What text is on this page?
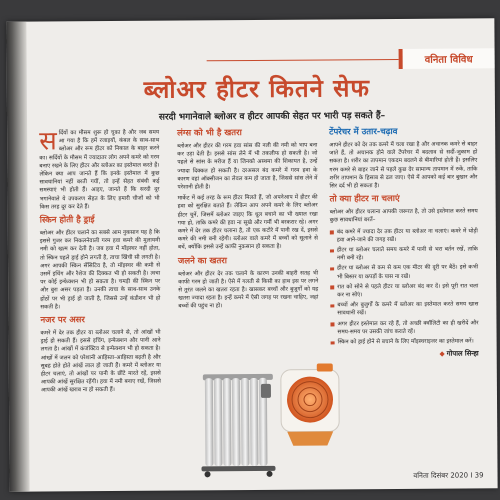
वनिता विविध
ब्लोअर हीटर कितने सेफ
सरदी भगानेवाले ब्लोअर व हीटर आपकी सेहत पर भारी पड़ सकते हैं–

सर्दियों का मौसम शुरू हो चुका है और जब समय आ गया है कि हमें रजाइयों, कंबल के साथ-साथ ब्लोअर और रूम हीटर को निकाल के बाहर करने का। सर्दियों के मौसम में ज्यादातर लोग अपने कमरे को गरम बनाए रखने के लिए हीटर और ब्लोअर का इस्तेमाल करते हैं। लेकिन क्या आप जानते हैं कि इनके इस्तेमाल में कुछ सावधानियां नहीं बरती गयीं, तो इन्हें सेहत संबंधी कई समस्याएं भी होती हैं। आइए, जानते हैं कि सरदी दूर भगानेवाले ये उपकरण सेहत के लिए हमारी चीजों को भी किस तरह दूर कर देते हैं।

स्किन होती है ड्राई

ब्लोअर और हीटर चलाने का सबसे आम नुकसान यह है कि इससे गुजर कर निकलनेवाली गरम हवा कमरे की मुलायमी नमी को खत्म कर देती है। जब हवा में मॉइस्चर नहीं होता, तो स्किन पहले ड्राई होने लगती है, त्वचा खिंची सी लगती है। अगर आपकी स्किन सेंसिटिव है, तो मॉइस्चर की कमी से उसमें इचिंग और रैशेज की दिक्कत भी हो सकती है। त्वचा पर कोई इन्फेक्शन भी हो सकता है। चमड़ी की स्किन पर और बुरा असर पड़ता है। उनकी त्वचा के साथ-साथ उनके होंठों पर भी ड्राई हो जाती है, जिससे उन्हें कंडीशन भी हो सकती है।

नजर पर असर

कमरे में देर तक हीटर या ब्लोअर चलाने से, तो आंखों भी ड्राई हो सकती हैं। इससे इचिंग, इन्फेक्शन और पानी आने लगता है। आंखों में कंजंक्टिव से इन्फेक्शन भी हो सकता है। आंखों में जलन को परेशानी आहिस्ता-आहिस्ता बढ़ती है और सुबह होते होते आंखें लाल हो जाती हैं। कमरे में ब्लोअर या हीटर चलाएं, तो आंखों पर पानी के छींटे मारते रहें, इससे आपकी आंखें सुरक्षित रहेंगी। हवा में नमी बनाए रखें, जिससे आपकी आंखें खराब ना हो सकती हैं।

लंग्स को भी है खतरा

ब्लोअर और हीटर की गरम हवा सांस की नली की नमी को भाप बना कर उड़ा देती है। इससे सांस लेने में भी तकलीफ हो सकती है। जो पहले से सांस के मरीज हैं या जिनको अस्थमा की शिकायत है, उन्हें ज्यादा दिक्कत हो सकती है। दरअसल बंद कमरे में गरम हवा के कारण वहां ऑक्सीजन का लेवल कम हो जाता है, जिससे सांस लेने में परेशानी होती है।

मार्केट में कई तरह के रूम हीटर मिलते हैं, जो अपनेआप में हीटर की हवा को सुरक्षित बताते हैं। लेकिन आप अपने कमरे के लिए ब्लोअर हीटर चुनें, जिसमें ब्लोअर जाइए कि धूल बचाने का भी ख्याल रखा गया हो, ताकि कमरे की हवा ना सूखे और गर्मी भी बरकरार रहे। अगर कमरे में देर तक हीटर चलाना है, तो एक कटोरे में पानी रख दें, इससे कमरे की नमी बनी रहेगी। ब्लोअर वाले कमरे में बच्चों को सुलाने से बचें, क्योंकि इससे उन्हें काफी नुकसान हो सकता है।

जलने का खतरा

ब्लोअर और हीटर देर तक चलाने के कारण उनकी बाहरी सतह भी काफी गरम हो जाती है। ऐसे में गलती से किसी का हाथ इस पर लगने से तुरंत जलने का खतरा रहता है। खासकर बच्चों और बुजुर्गों को यह खतरा ज्यादा रहता है। इन्हें कमरे में ऐसी जगह पर रखना चाहिए, जहां बच्चों की पहुंच ना हो।

टेंपरेचर में उतार-चढ़ाव

आपने हीटर को देर तक कमरे में चला रखा है और अचानक कमरे से बाहर जाते हैं, तो अचानक होने वाले टेंपरेचर में बदलाव से सर्दी-जुकाम हो सकता है। शरीर का तापमान एकदम बदलने से बीमारियां होती हैं। इसलिए गरम कमरे से बाहर जाने से पहले कुछ देर सामान्य तापमान में रुकें, ताकि शरीर तापमान के हिसाब से ढल जाए। ऐसे में आपको कई बार बुखार और सिर दर्द भी हो सकता है।

तो क्या हीटर ना चलाएं

ब्लोअर और हीटर चलाना आपकी जरूरत है, तो उसे इस्तेमाल करते समय कुछ सावधानियां बरतें–

बंद कमरे में ज्यादा देर तक हीटर या ब्लोअर ना चलाएं। कमरे में थोड़ी हवा आने-जाने की जगह रखें।
हीटर या ब्लोअर चलाते समय कमरे में पानी से भरा बर्तन रखें, ताकि नमी बनी रहे।
हीटर या ब्लोअर से कम से कम एक मीटर की दूरी पर बैठें। इसे कभी भी बिस्तर या कपड़ों के पास ना रखें।
रात को सोने से पहले हीटर या ब्लोअर बंद कर दें। इसे पूरी रात चला कर ना सोएं।
बच्चों और बुजुर्गों के कमरे में ब्लोअर का इस्तेमाल करते समय खास सावधानी रखें।
अगर हीटर इस्तेमाल कर रहे हैं, तो अच्छी क्वॉलिटी का ही खरीदें और समय-समय पर उसकी जांच कराते रहें।
स्किन को ड्राई होने से बचाने के लिए मॉइस्चराइजर का इस्तेमाल करें।
◆ गोपाल सिन्हा
वनिता दिसंबर 2020 I 39
